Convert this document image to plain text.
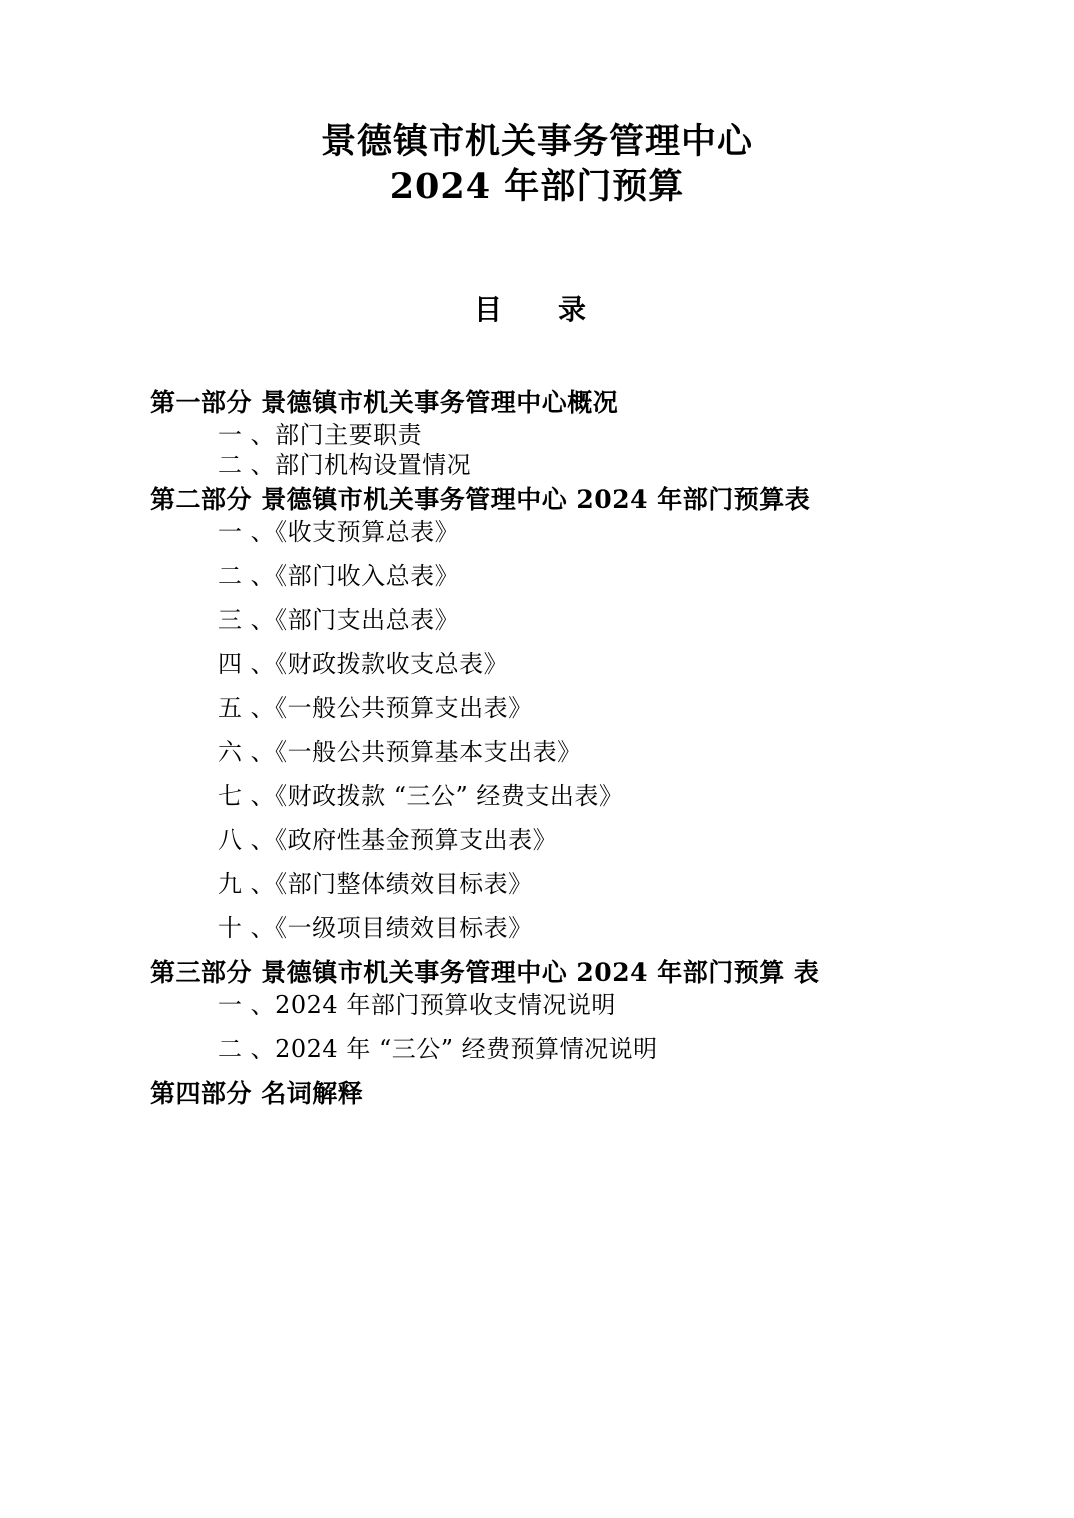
景德镇市机关事务管理中心
2024 年部门预算
目　录
第一部分 景德镇市机关事务管理中心概况
一 、部门主要职责
二 、部门机构设置情况
第二部分 景德镇市机关事务管理中心 2024 年部门预算表
一 、《收支预算总表》
二 、《部门收入总表》
三 、《部门支出总表》
四 、《财政拨款收支总表》
五 、《一般公共预算支出表》
六 、《一般公共预算基本支出表》
七 、《财政拨款 “三公” 经费支出表》
八 、《政府性基金预算支出表》
九 、《部门整体绩效目标表》
十 、《一级项目绩效目标表》
第三部分 景德镇市机关事务管理中心 2024 年部门预算 表
一 、2024 年部门预算收支情况说明
二 、2024 年 “三公” 经费预算情况说明
第四部分 名词解释
